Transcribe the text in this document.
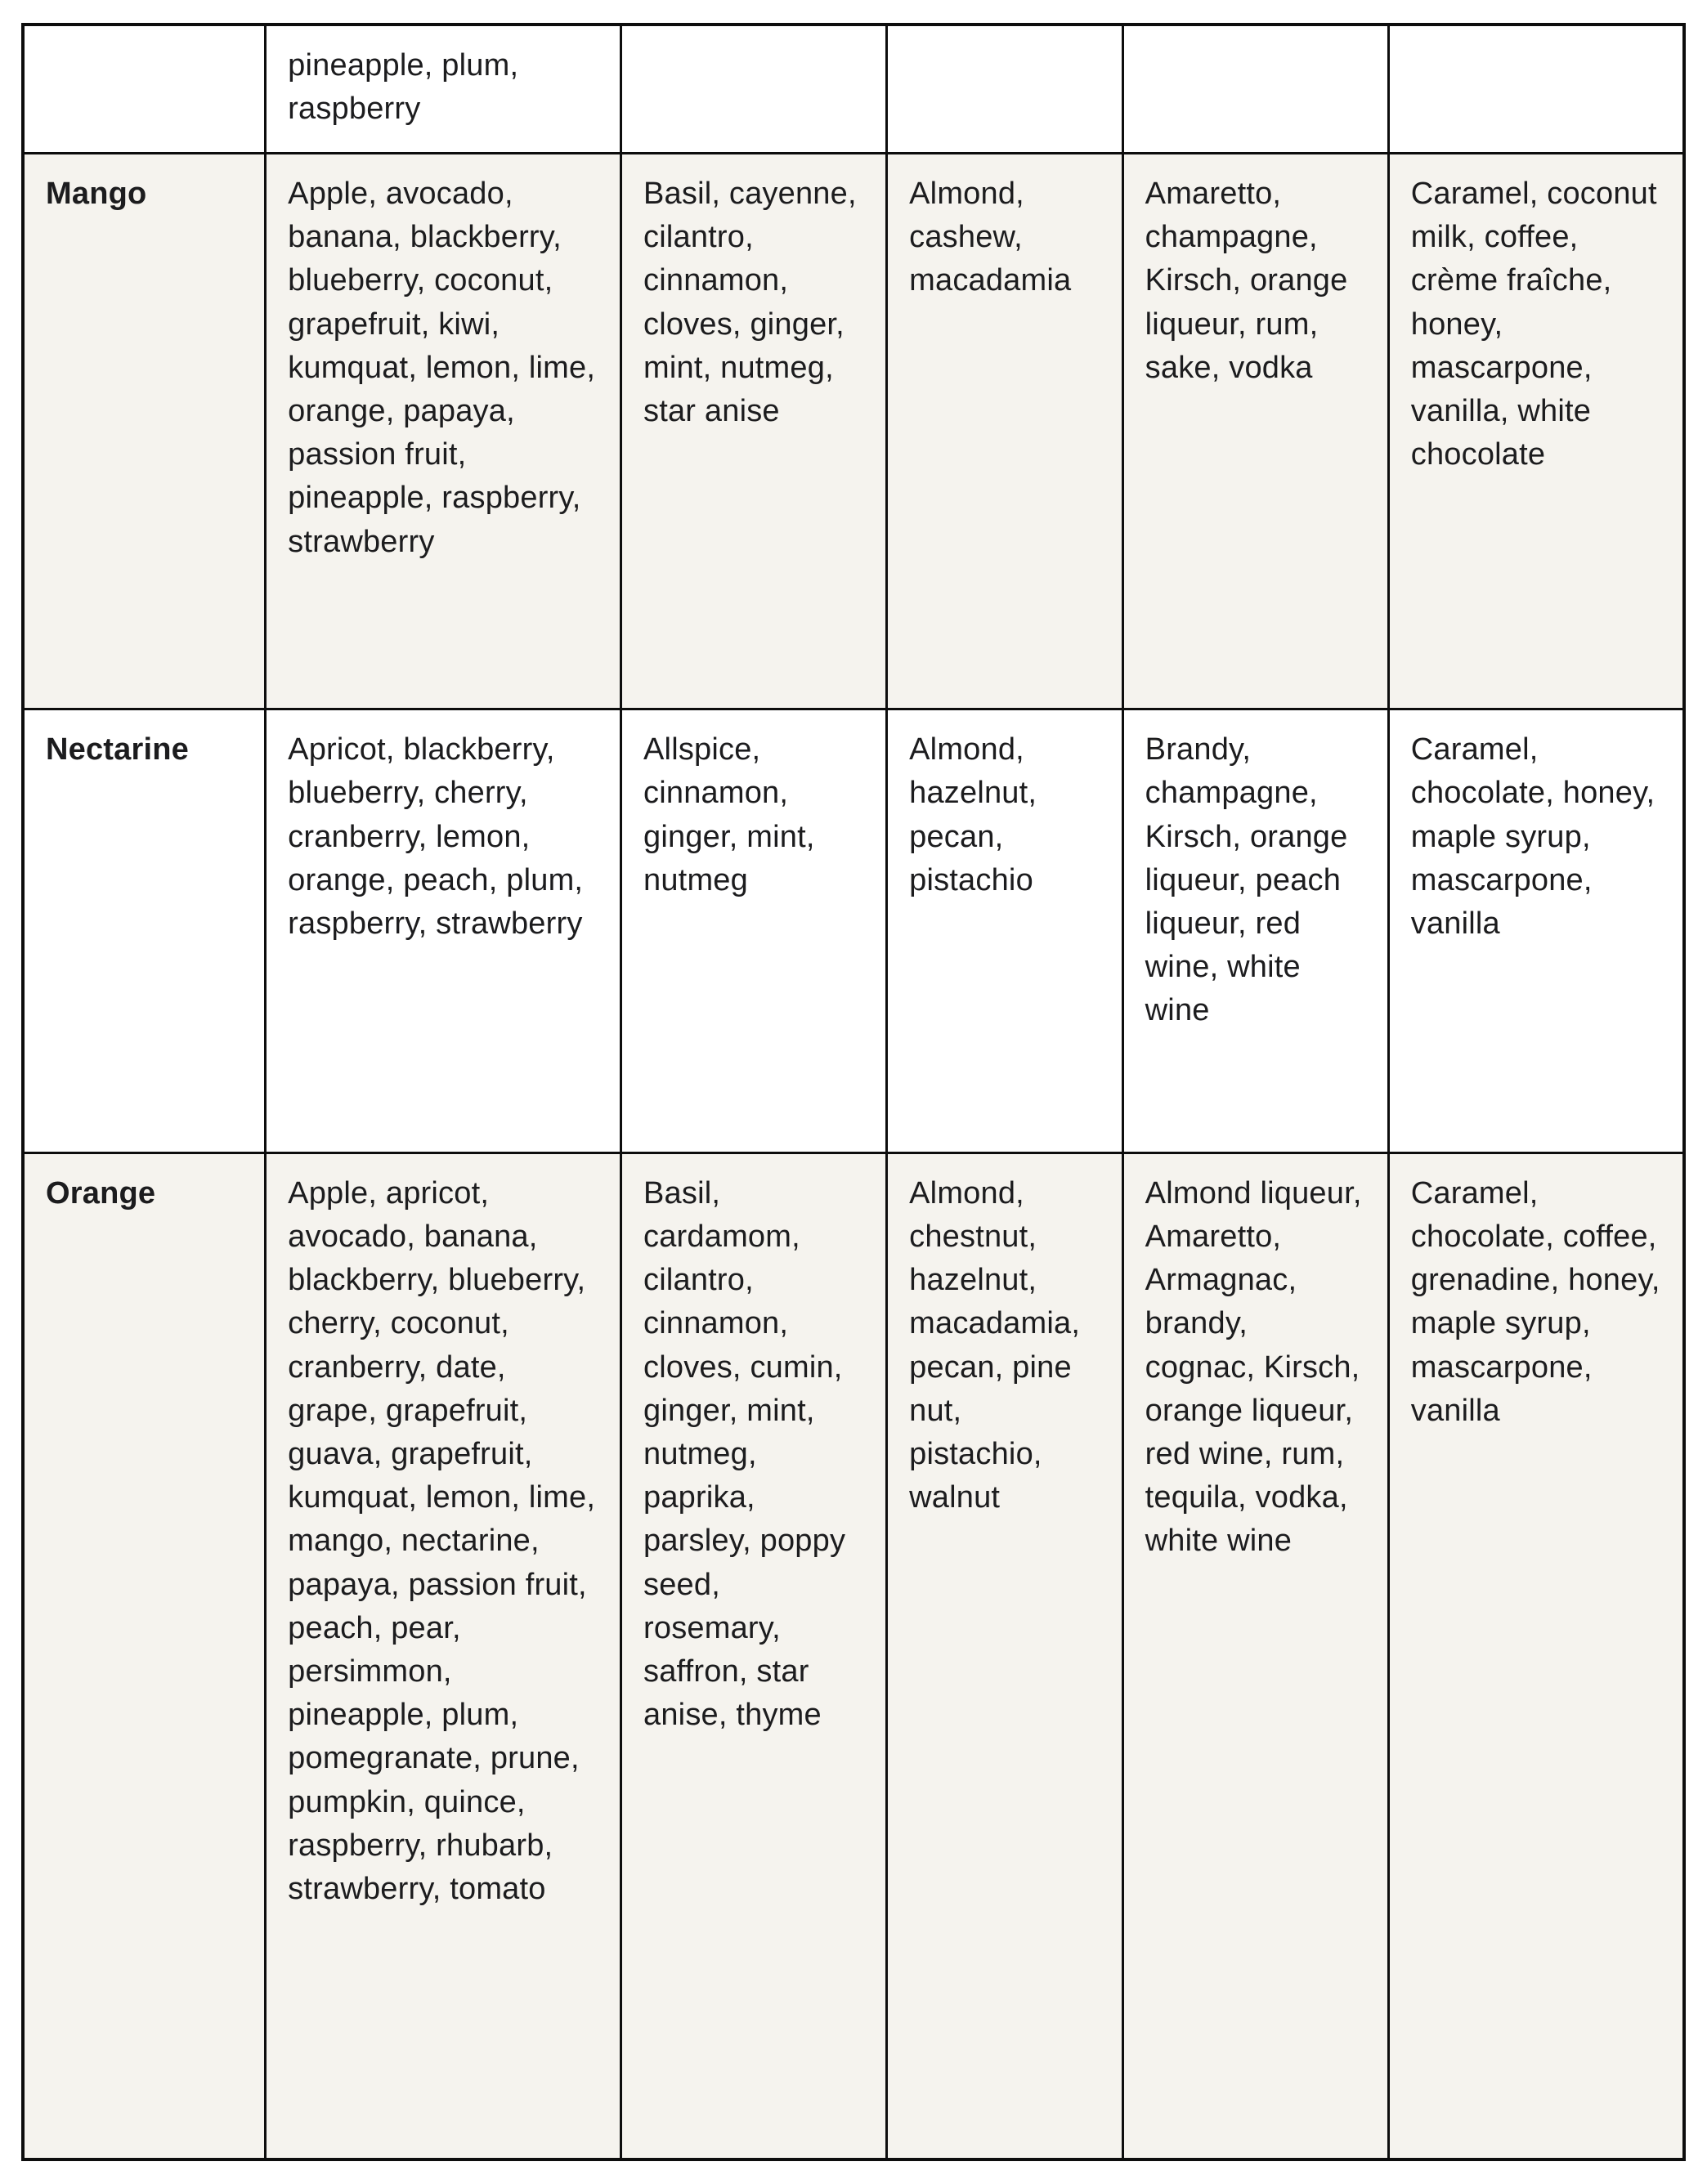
	pineapple, plum, raspberry				
Mango	Apple, avocado, banana, blackberry, blueberry, coconut, grapefruit, kiwi, kumquat, lemon, lime, orange, papaya, passion fruit, pineapple, raspberry, strawberry	Basil, cayenne, cilantro, cinnamon, cloves, ginger, mint, nutmeg, star anise	Almond, cashew, macadamia	Amaretto, champagne, Kirsch, orange liqueur, rum, sake, vodka	Caramel, coconut milk, coffee, crème fraîche, honey, mascarpone, vanilla, white chocolate
Nectarine	Apricot, blackberry, blueberry, cherry, cranberry, lemon, orange, peach, plum, raspberry, strawberry	Allspice, cinnamon, ginger, mint, nutmeg	Almond, hazelnut, pecan, pistachio	Brandy, champagne, Kirsch, orange liqueur, peach liqueur, red wine, white wine	Caramel, chocolate, honey, maple syrup, mascarpone, vanilla
Orange	Apple, apricot, avocado, banana, blackberry, blueberry, cherry, coconut, cranberry, date, grape, grapefruit, guava, grapefruit, kumquat, lemon, lime, mango, nectarine, papaya, passion fruit, peach, pear, persimmon, pineapple, plum, pomegranate, prune, pumpkin, quince, raspberry, rhubarb, strawberry, tomato	Basil, cardamom, cilantro, cinnamon, cloves, cumin, ginger, mint, nutmeg, paprika, parsley, poppy seed, rosemary, saffron, star anise, thyme	Almond, chestnut, hazelnut, macadamia, pecan, pine nut, pistachio, walnut	Almond liqueur, Amaretto, Armagnac, brandy, cognac, Kirsch, orange liqueur, red wine, rum, tequila, vodka, white wine	Caramel, chocolate, coffee, grenadine, honey, maple syrup, mascarpone, vanilla
